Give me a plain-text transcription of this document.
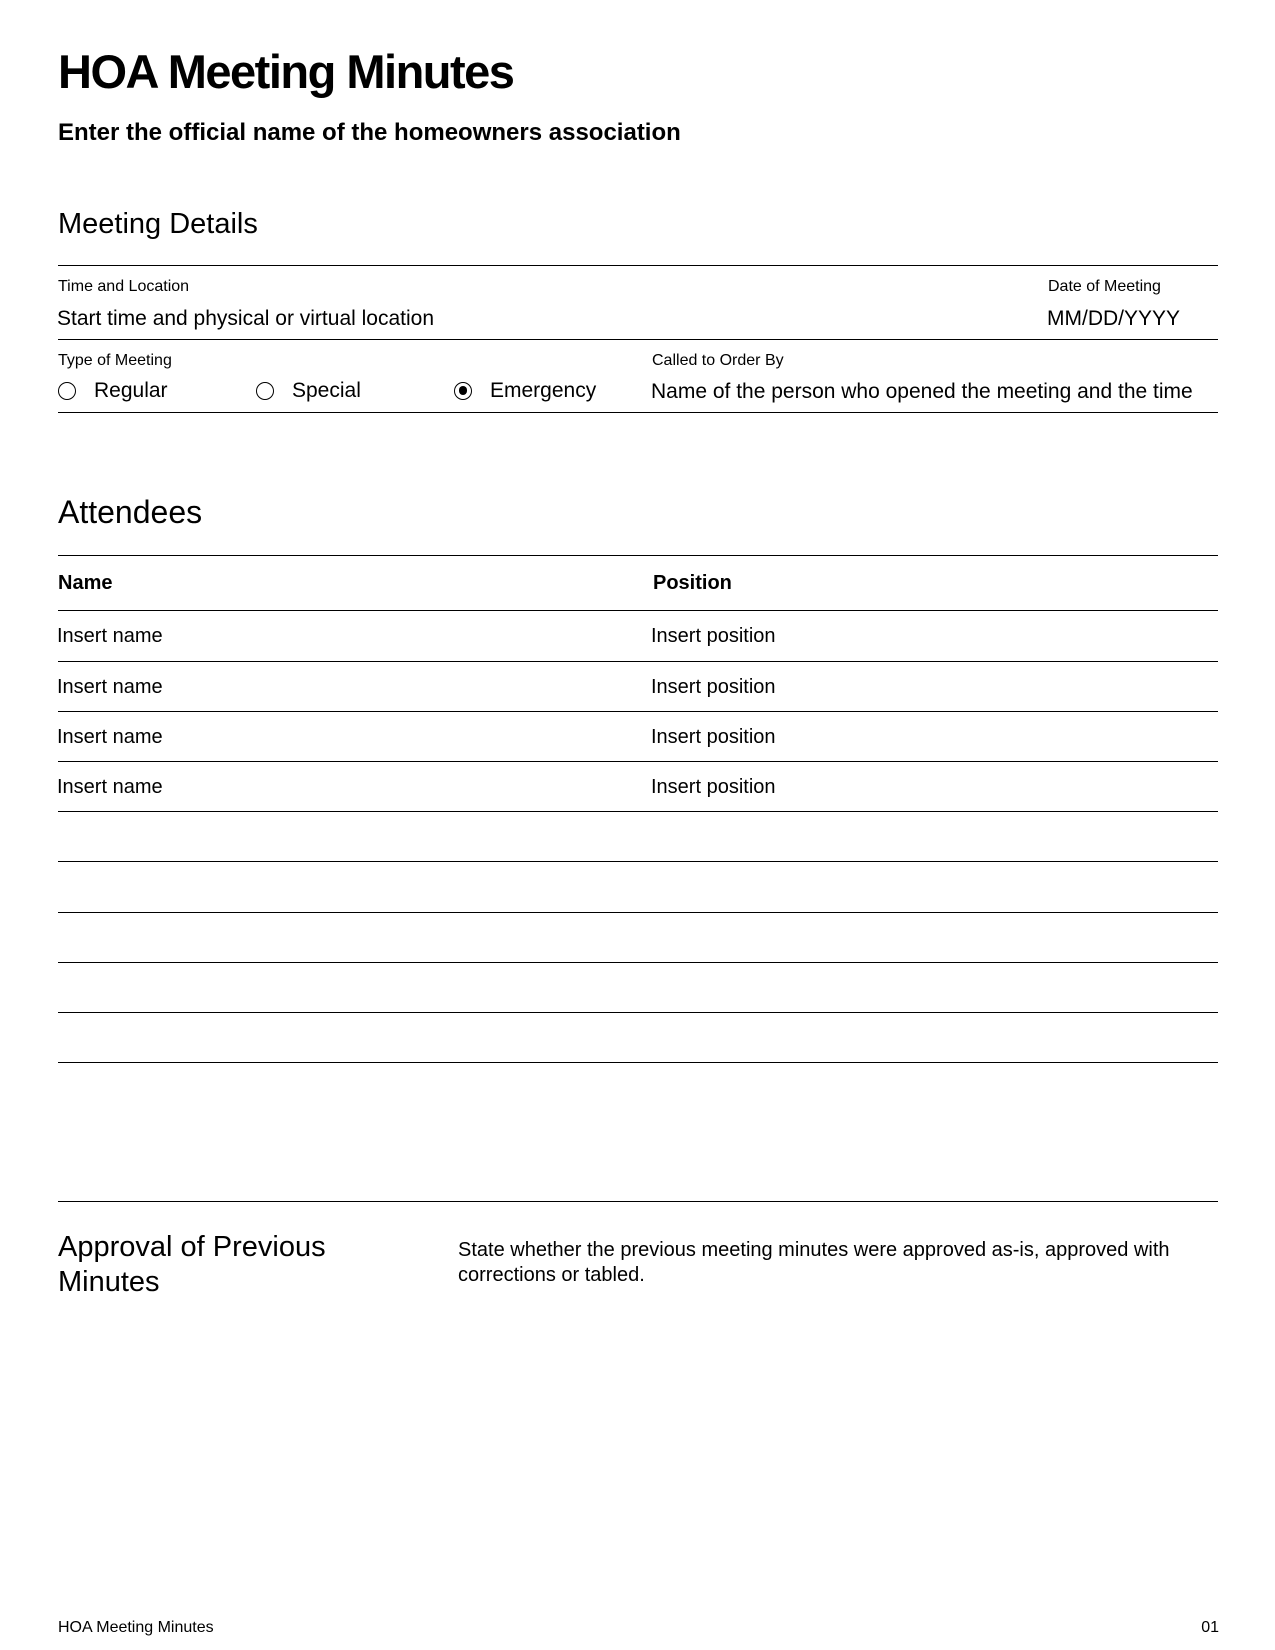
HOA Meeting Minutes
Enter the official name of the homeowners association
Meeting Details
Time and Location
Start time and physical or virtual location
Date of Meeting
MM/DD/YYYY
Type of Meeting
Regular	Special	Emergency
Called to Order By
Name of the person who opened the meeting and the time
Attendees
Name	Position
Insert name	Insert position
Insert name	Insert position
Insert name	Insert position
Insert name	Insert position
Approval of Previous Minutes
State whether the previous meeting minutes were approved as-is, approved with corrections or tabled.
HOA Meeting Minutes	01
